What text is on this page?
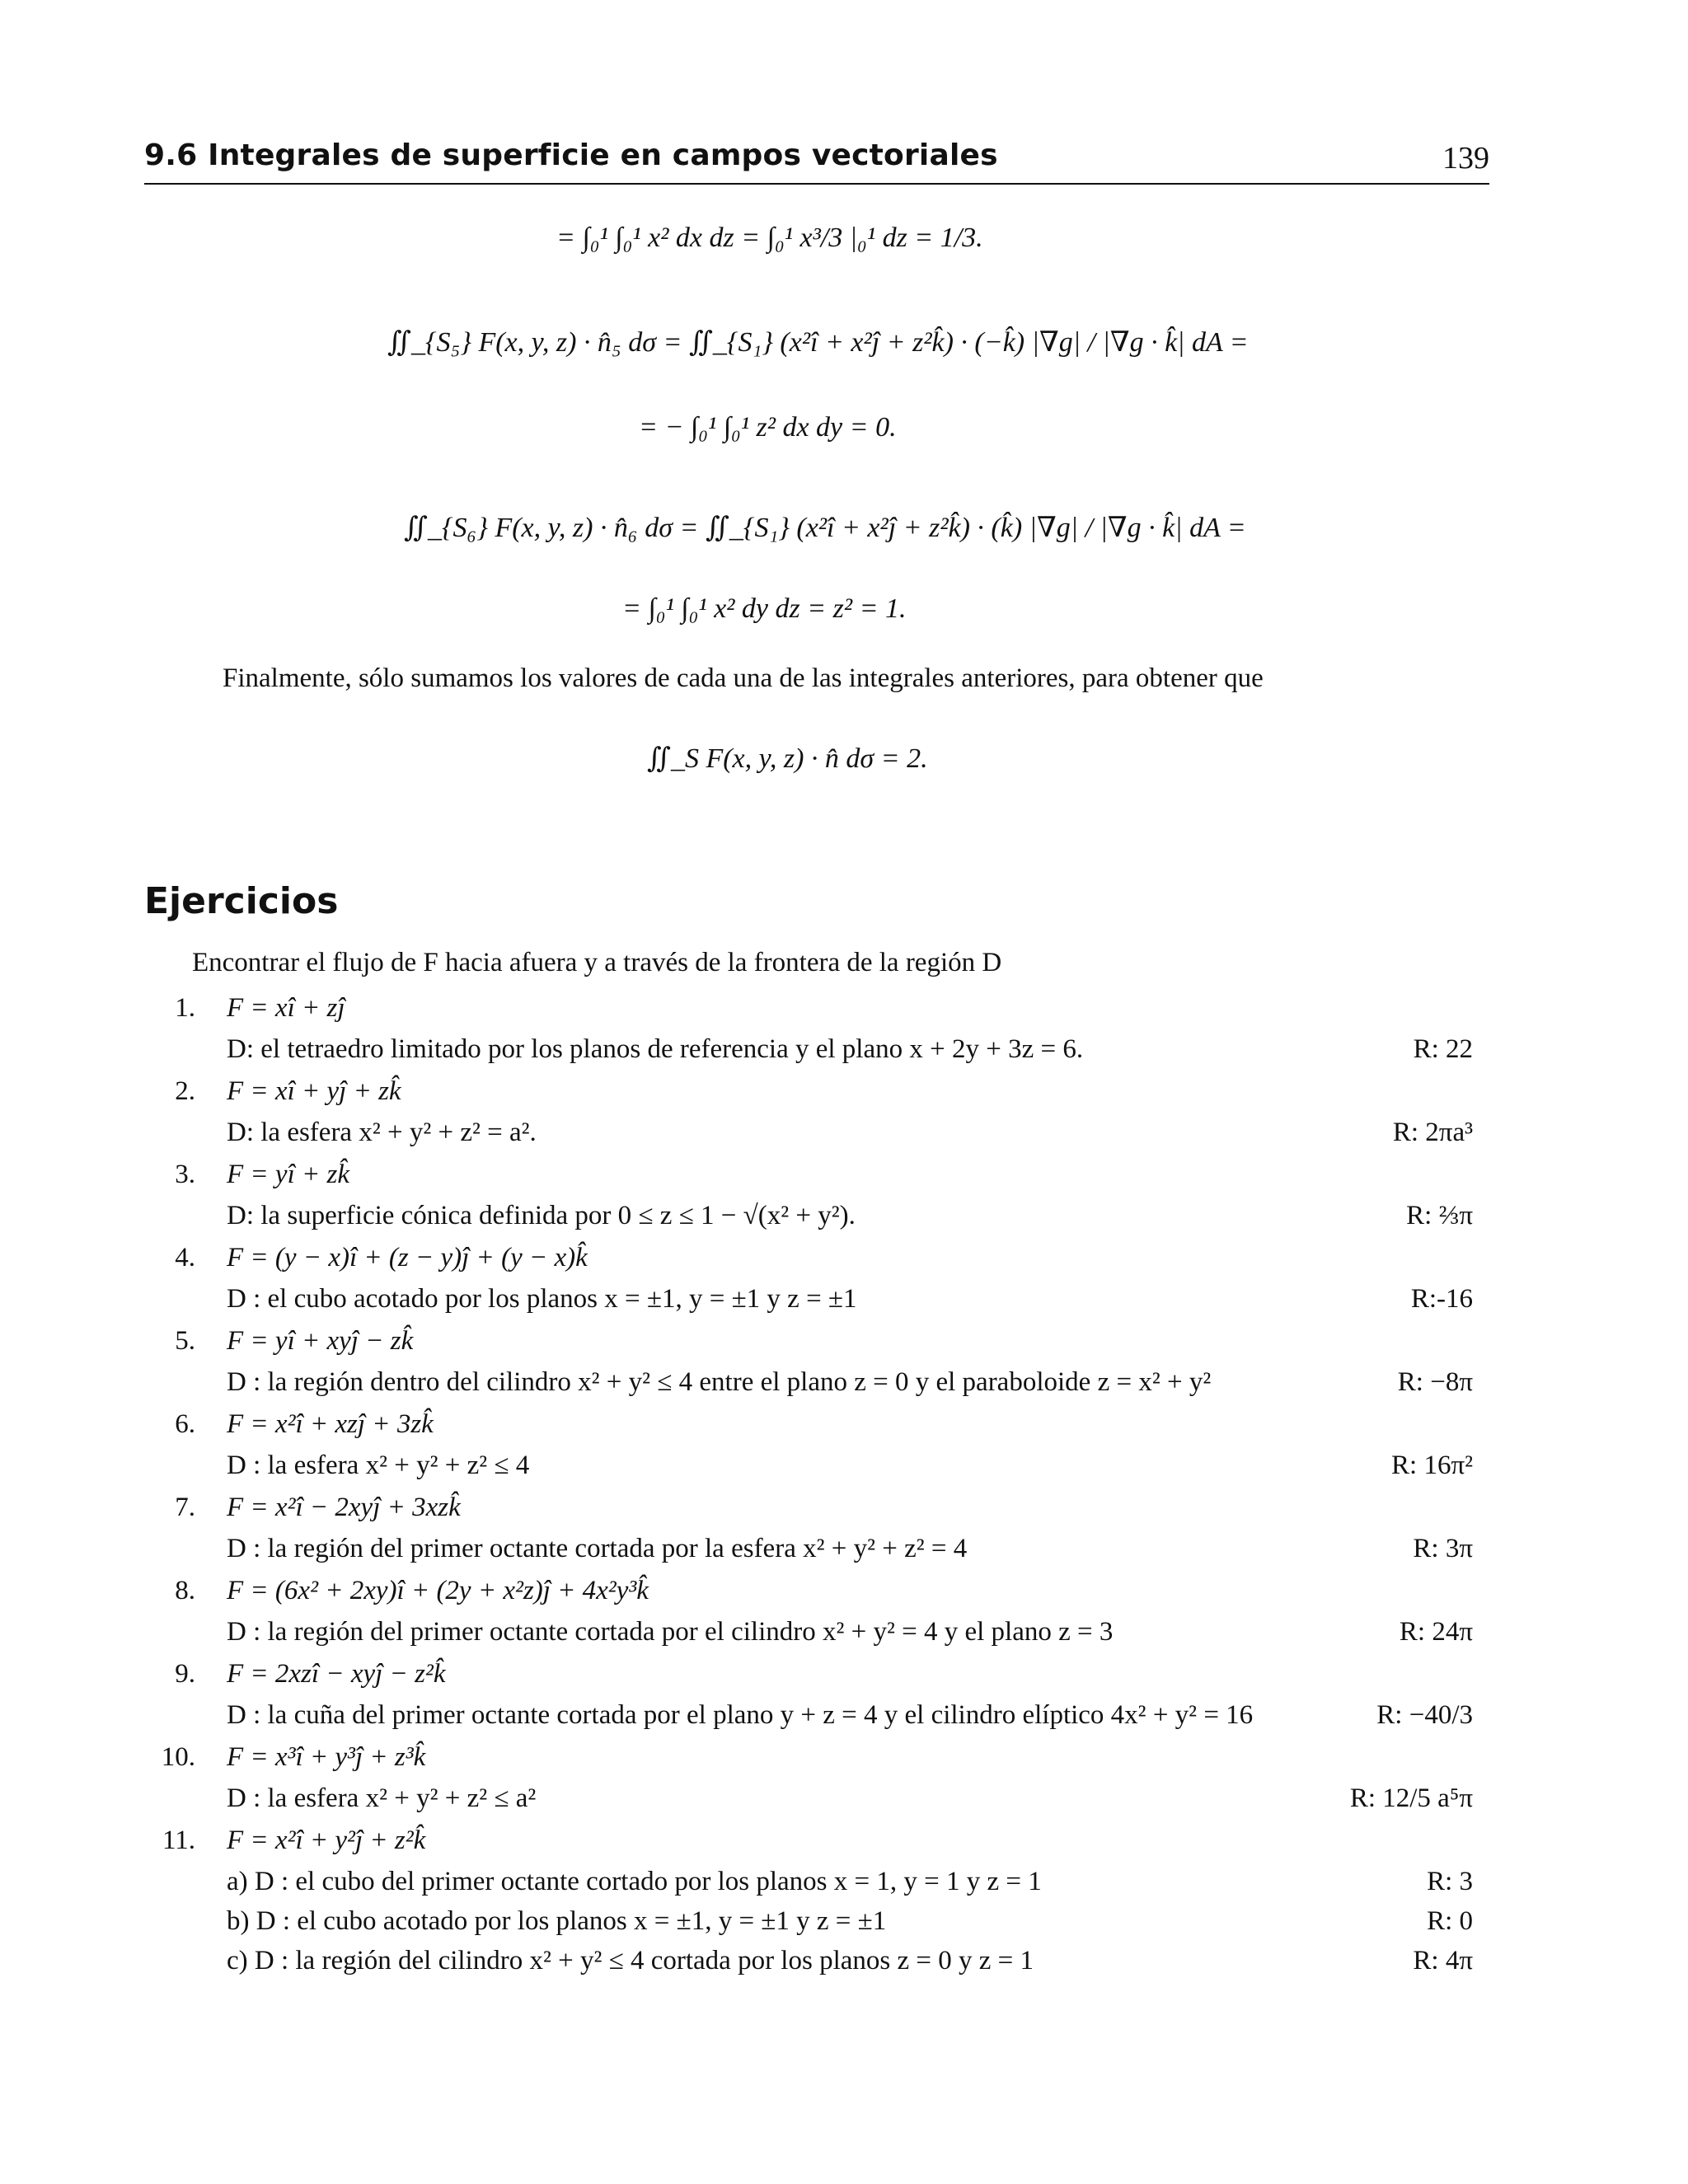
9.6 Integrales de superficie en campos vectoriales	139
= ∫₀¹ ∫₀¹ x² dx dz = ∫₀¹ x³/3 |₀¹ dz = 1/3.
∬_{S₅} F(x, y, z) · n̂₅ dσ = ∬_{S₁} (x²î + x²ĵ + z²k̂) · (−k̂) |∇g| / |∇g · k̂| dA =
= − ∫₀¹ ∫₀¹ z² dx dy = 0.
∬_{S₆} F(x, y, z) · n̂₆ dσ = ∬_{S₁} (x²î + x²ĵ + z²k̂) · (k̂) |∇g| / |∇g · k̂| dA =
= ∫₀¹ ∫₀¹ x² dy dz = z² = 1.
Finalmente, sólo sumamos los valores de cada una de las integrales anteriores, para obtener que
∬_S F(x, y, z) · n̂ dσ = 2.
Ejercicios
Encontrar el flujo de F hacia afuera y a través de la frontera de la región D
1. F = xî + zĵ
D: el tetraedro limitado por los planos de referencia y el plano x + 2y + 3z = 6.	R: 22
2. F = xî + yĵ + zk̂
D: la esfera x² + y² + z² = a².	R: 2πa³
3. F = yî + zk̂
D: la superficie cónica definida por 0 ≤ z ≤ 1 − √(x² + y²).	R: ⅔π
4. F = (y − x)î + (z − y)ĵ + (y − x)k̂
D : el cubo acotado por los planos x = ±1, y = ±1 y z = ±1	R:-16
5. F = yî + xyĵ − zk̂
D : la región dentro del cilindro x² + y² ≤ 4 entre el plano z = 0 y el paraboloide z = x² + y²	R: −8π
6. F = x²î + xzĵ + 3zk̂
D : la esfera x² + y² + z² ≤ 4	R: 16π²
7. F = x²î − 2xyĵ + 3xzk̂
D : la región del primer octante cortada por la esfera x² + y² + z² = 4	R: 3π
8. F = (6x² + 2xy)î + (2y + x²z)ĵ + 4x²y³k̂
D : la región del primer octante cortada por el cilindro x² + y² = 4 y el plano z = 3	R: 24π
9. F = 2xzî − xyĵ − z²k̂
D : la cuña del primer octante cortada por el plano y + z = 4 y el cilindro elíptico 4x² + y² = 16	R: −40/3
10. F = x³î + y³ĵ + z³k̂
D : la esfera x² + y² + z² ≤ a²	R: 12/5 a⁵π
11. F = x²î + y²ĵ + z²k̂
a) D : el cubo del primer octante cortado por los planos x = 1, y = 1 y z = 1	R: 3
b) D : el cubo acotado por los planos x = ±1, y = ±1 y z = ±1	R: 0
c) D : la región del cilindro x² + y² ≤ 4 cortada por los planos z = 0 y z = 1	R: 4π
